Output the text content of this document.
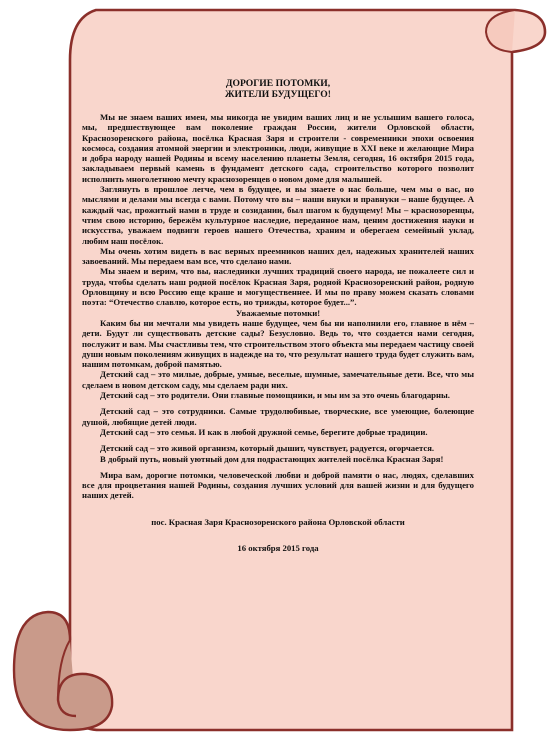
ДОРОГИЕ ПОТОМКИ,
ЖИТЕЛИ БУДУЩЕГО!

Мы не знаем ваших имен, мы никогда не увидим ваших лиц и не услышим вашего голоса, мы, предшествующее вам поколение граждан России, жители Орловской области, Краснозоренского района, посёлка Красная Заря и строители - современники эпохи освоения космоса, создания атомной энергии и электроники, люди, живущие в XXI веке и желающие Мира и добра народу нашей Родины и всему населению планеты Земля, сегодня, 16 октября 2015 года, закладываем первый камень в фундамент детского сада, строительство которого позволит исполнить многолетнюю мечту краснозоренцев о новом доме для малышей.

Заглянуть в прошлое легче, чем в будущее, и вы знаете о нас больше, чем мы о вас, но мыслями и делами мы всегда с вами. Потому что вы – наши внуки и правнуки – наше будущее. А каждый час, прожитый нами в труде и созидании, был шагом к будущему! Мы – краснозоренцы, чтим свою историю, бережём культурное наследие, переданное нам, ценим достижения науки и искусства, уважаем подвиги героев нашего Отечества, храним и оберегаем семейный уклад, любим наш посёлок.

Мы очень хотим видеть в вас верных преемников наших дел, надежных хранителей наших завоеваний. Мы передаем вам все, что сделано нами.

Мы знаем и верим, что вы, наследники лучших традиций своего народа, не пожалеете сил и труда, чтобы сделать наш родной посёлок Красная Заря, родной Краснозоренский район, родную Орловщину и всю Россию еще краше и могущественнее. И мы по праву можем сказать словами поэта: “Отечество славлю, которое есть, но трижды, которое будет...”.

Уважаемые потомки!

Каким бы ни мечтали мы увидеть наше будущее, чем бы ни наполнили его, главное в нём – дети. Будут ли существовать детские сады? Безусловно. Ведь то, что создается нами сегодня, послужит и вам. Мы счастливы тем, что строительством этого объекта мы передаем частицу своей души новым поколениям живущих в надежде на то, что результат нашего труда будет служить вам, нашим потомкам, доброй памятью.

Детский сад – это милые, добрые, умные, веселые, шумные, замечательные дети. Все, что мы сделаем в новом детском саду, мы сделаем ради них.

Детский сад – это родители. Они главные помощники, и мы им за это очень благодарны.

Детский сад – это сотрудники. Самые трудолюбивые, творческие, все умеющие, болеющие душой, любящие детей люди.

Детский сад – это семья. И как в любой дружной семье, берегите добрые традиции.

Детский сад – это живой организм, который дышит, чувствует, радуется, огорчается.

В добрый путь, новый уютный дом для подрастающих жителей посёлка Красная Заря!

Мира вам, дорогие потомки, человеческой любви и доброй памяти о нас, людях, сделавших все для процветания нашей Родины, создания лучших условий для вашей жизни и для будущего наших детей.

пос. Красная Заря Краснозоренского района Орловской области

16 октября 2015 года
